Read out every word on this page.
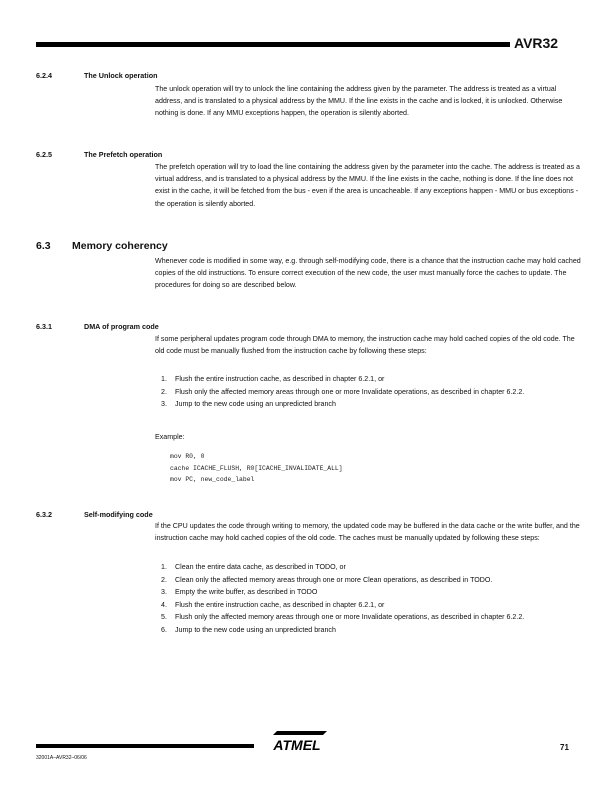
AVR32
6.2.4	The Unlock operation

The unlock operation will try to unlock the line containing the address given by the parameter. The address is treated as a virtual address, and is translated to a physical address by the MMU. If the line exists in the cache and is locked, it is unlocked. Otherwise nothing is done. If any MMU exceptions happen, the operation is silently aborted.

6.2.5	The Prefetch operation

The prefetch operation will try to load the line containing the address given by the parameter into the cache. The address is treated as a virtual address, and is translated to a physical address by the MMU. If the line exists in the cache, nothing is done. If the line does not exist in the cache, it will be fetched from the bus - even if the area is uncacheable. If any exceptions happen - MMU or bus exceptions - the operation is silently aborted.

6.3 Memory coherency

Whenever code is modified in some way, e.g. through self-modifying code, there is a chance that the instruction cache may hold cached copies of the old instructions. To ensure correct execution of the new code, the user must manually force the caches to update. The procedures for doing so are described below.

6.3.1	DMA of program code

If some peripheral updates program code through DMA to memory, the instruction cache may hold cached copies of the old code. The old code must be manually flushed from the instruction cache by following these steps:

1. Flush the entire instruction cache, as described in chapter 6.2.1, or
2. Flush only the affected memory areas through one or more Invalidate operations, as described in chapter 6.2.2.
3. Jump to the new code using an unpredicted branch
Example:
mov R0, 0
cache ICACHE_FLUSH, R0[ICACHE_INVALIDATE_ALL]
mov PC, new_code_label
6.3.2	Self-modifying code

If the CPU updates the code through writing to memory, the updated code may be buffered in the data cache or the write buffer, and the instruction cache may hold cached copies of the old code. The caches must be manually updated by following these steps:

1. Clean the entire data cache, as described in TODO, or
2. Clean only the affected memory areas through one or more Clean operations, as described in TODO.
3. Empty the write buffer, as described in TODO
4. Flush the entire instruction cache, as described in chapter 6.2.1, or
5. Flush only the affected memory areas through one or more Invalidate operations, as described in chapter 6.2.2.
6. Jump to the new code using an unpredicted branch
32001A–AVR32–06/06
ATMEL	71
